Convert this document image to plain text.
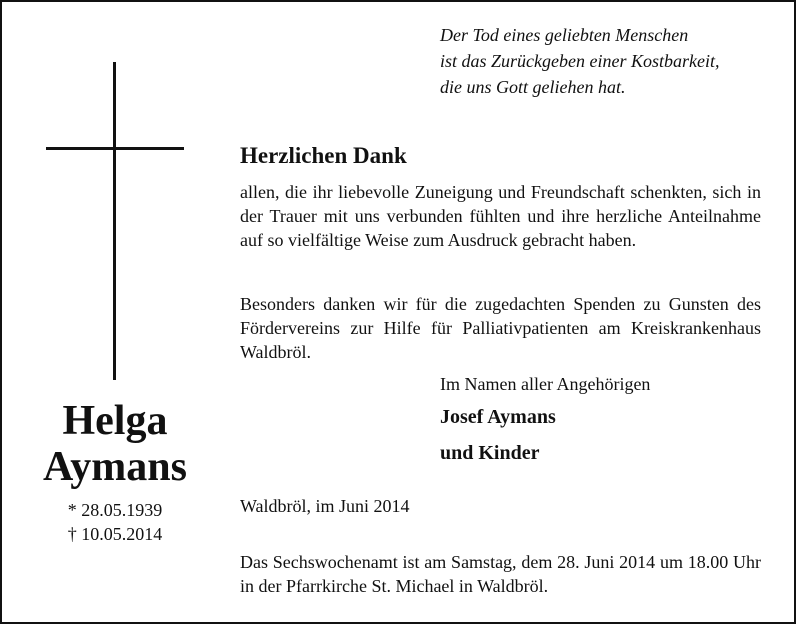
Der Tod eines geliebten Menschen
ist das Zurückgeben einer Kostbarkeit,
die uns Gott geliehen hat.
Helga
Aymans
* 28.05.1939
† 10.05.2014
Herzlichen Dank
allen, die ihr liebevolle Zuneigung und Freundschaft schenkten, sich in der Trauer mit uns verbunden fühlten und ihre herzliche Anteilnahme auf so vielfältige Weise zum Ausdruck gebracht haben.
Besonders danken wir für die zugedachten Spenden zu Gunsten des Fördervereins zur Hilfe für Palliativpatienten am Kreiskrankenhaus Waldbröl.
Im Namen aller Angehörigen
Josef Aymans
und Kinder
Waldbröl, im Juni 2014
Das Sechswochenamt ist am Samstag, dem 28. Juni 2014 um 18.00 Uhr in der Pfarrkirche St. Michael in Waldbröl.
